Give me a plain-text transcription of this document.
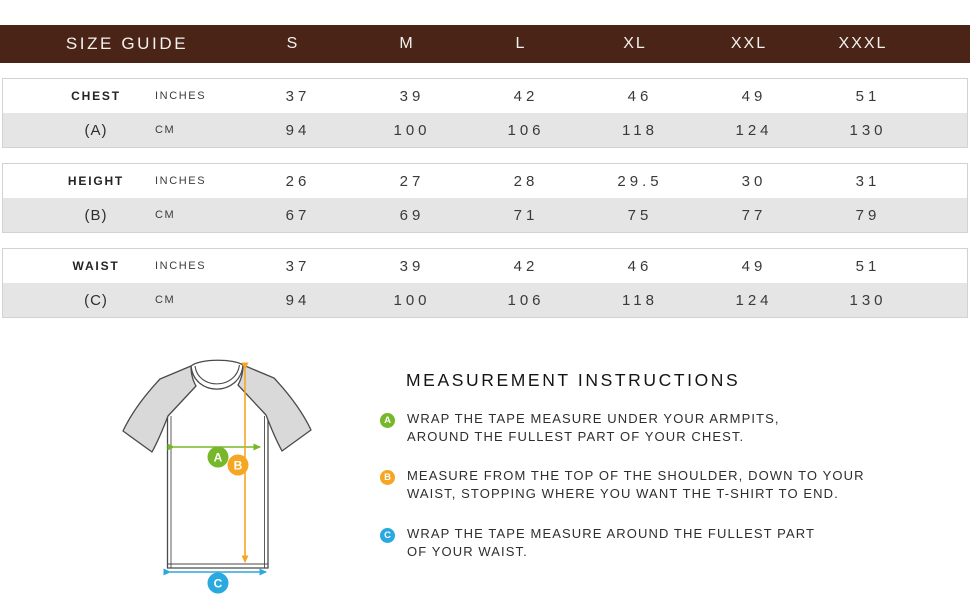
SIZE GUIDE	S	M	L	XL	XXL	XXXL
CHEST	INCHES	37	39	42	46	49	51
(A)	CM	94	100	106	118	124	130
HEIGHT	INCHES	26	27	28	29.5	30	31
(B)	CM	67	69	71	75	77	79
WAIST	INCHES	37	39	42	46	49	51
(C)	CM	94	100	106	118	124	130
A
B
C
MEASUREMENT INSTRUCTIONS
A	WRAP THE TAPE MEASURE UNDER YOUR ARMPITS,
AROUND THE FULLEST PART OF YOUR CHEST.
B	MEASURE FROM THE TOP OF THE SHOULDER, DOWN TO YOUR
WAIST, STOPPING WHERE YOU WANT THE T-SHIRT TO END.
C	WRAP THE TAPE MEASURE AROUND THE FULLEST PART
OF YOUR WAIST.
